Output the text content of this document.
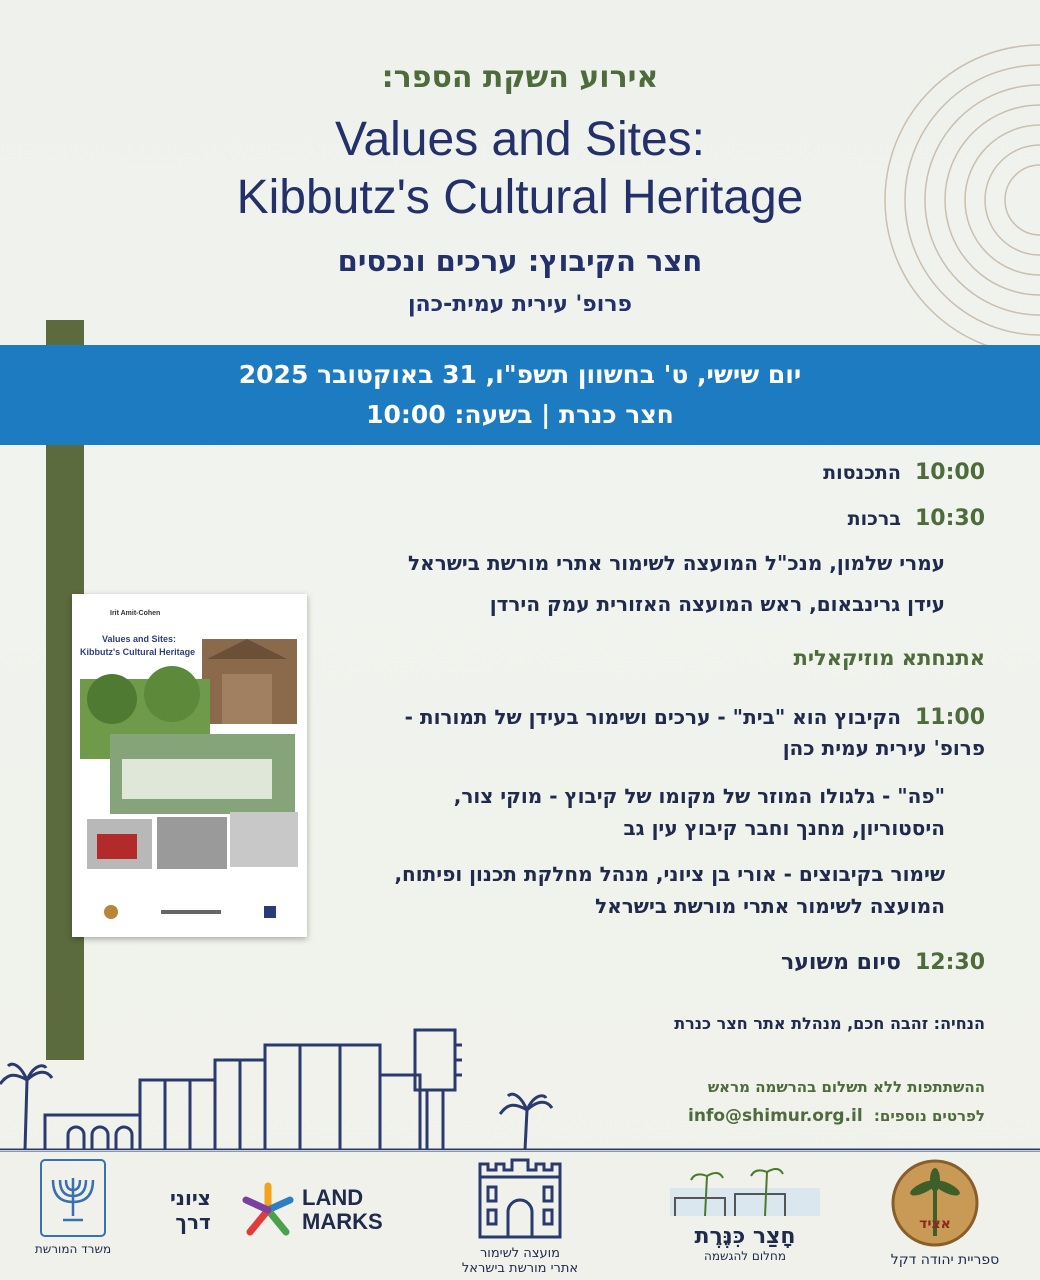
אירוע השקת הספר:
Values and Sites:
Kibbutz's Cultural Heritage
חצר הקיבוץ: ערכים ונכסים
פרופ' עירית עמית-כהן
יום שישי, ט' בחשוון תשפ"ו, 31 באוקטובר 2025
חצר כנרת | בשעה: 10:00
10:00התכנסות
10:30ברכות
עמרי שלמון, מנכ"ל המועצה לשימור אתרי מורשת בישראל
עידן גרינבאום, ראש המועצה האזורית עמק הירדן
אתנחתא מוזיקאלית
11:00הקיבוץ הוא "בית" - ערכים ושימור בעידן של תמורות -
פרופ' עירית עמית כהן
"פה" - גלגולו המוזר של מקומו של קיבוץ - מוקי צור,
היסטוריון, מחנך וחבר קיבוץ עין גב
שימור בקיבוצים - אורי בן ציוני, מנהל מחלקת תכנון ופיתוח,
המועצה לשימור אתרי מורשת בישראל
12:30סיום משוער
הנחיה: זהבה חכם, מנהלת אתר חצר כנרת
Irit Amit-Cohen
Values and Sites:
Kibbutz's Cultural Heritage
ההשתתפות ללא תשלום בהרשמה מראש
לפרטים נוספים: info@shimur.org.il
משרד המורשת
ציוני
דרך
LAND
MARKS
מועצה לשימור
אתרי מורשת בישראל
חָצַר כִּנֶּרֶת
מחלום להגשמה
אציד
ספריית יהודה דקל
